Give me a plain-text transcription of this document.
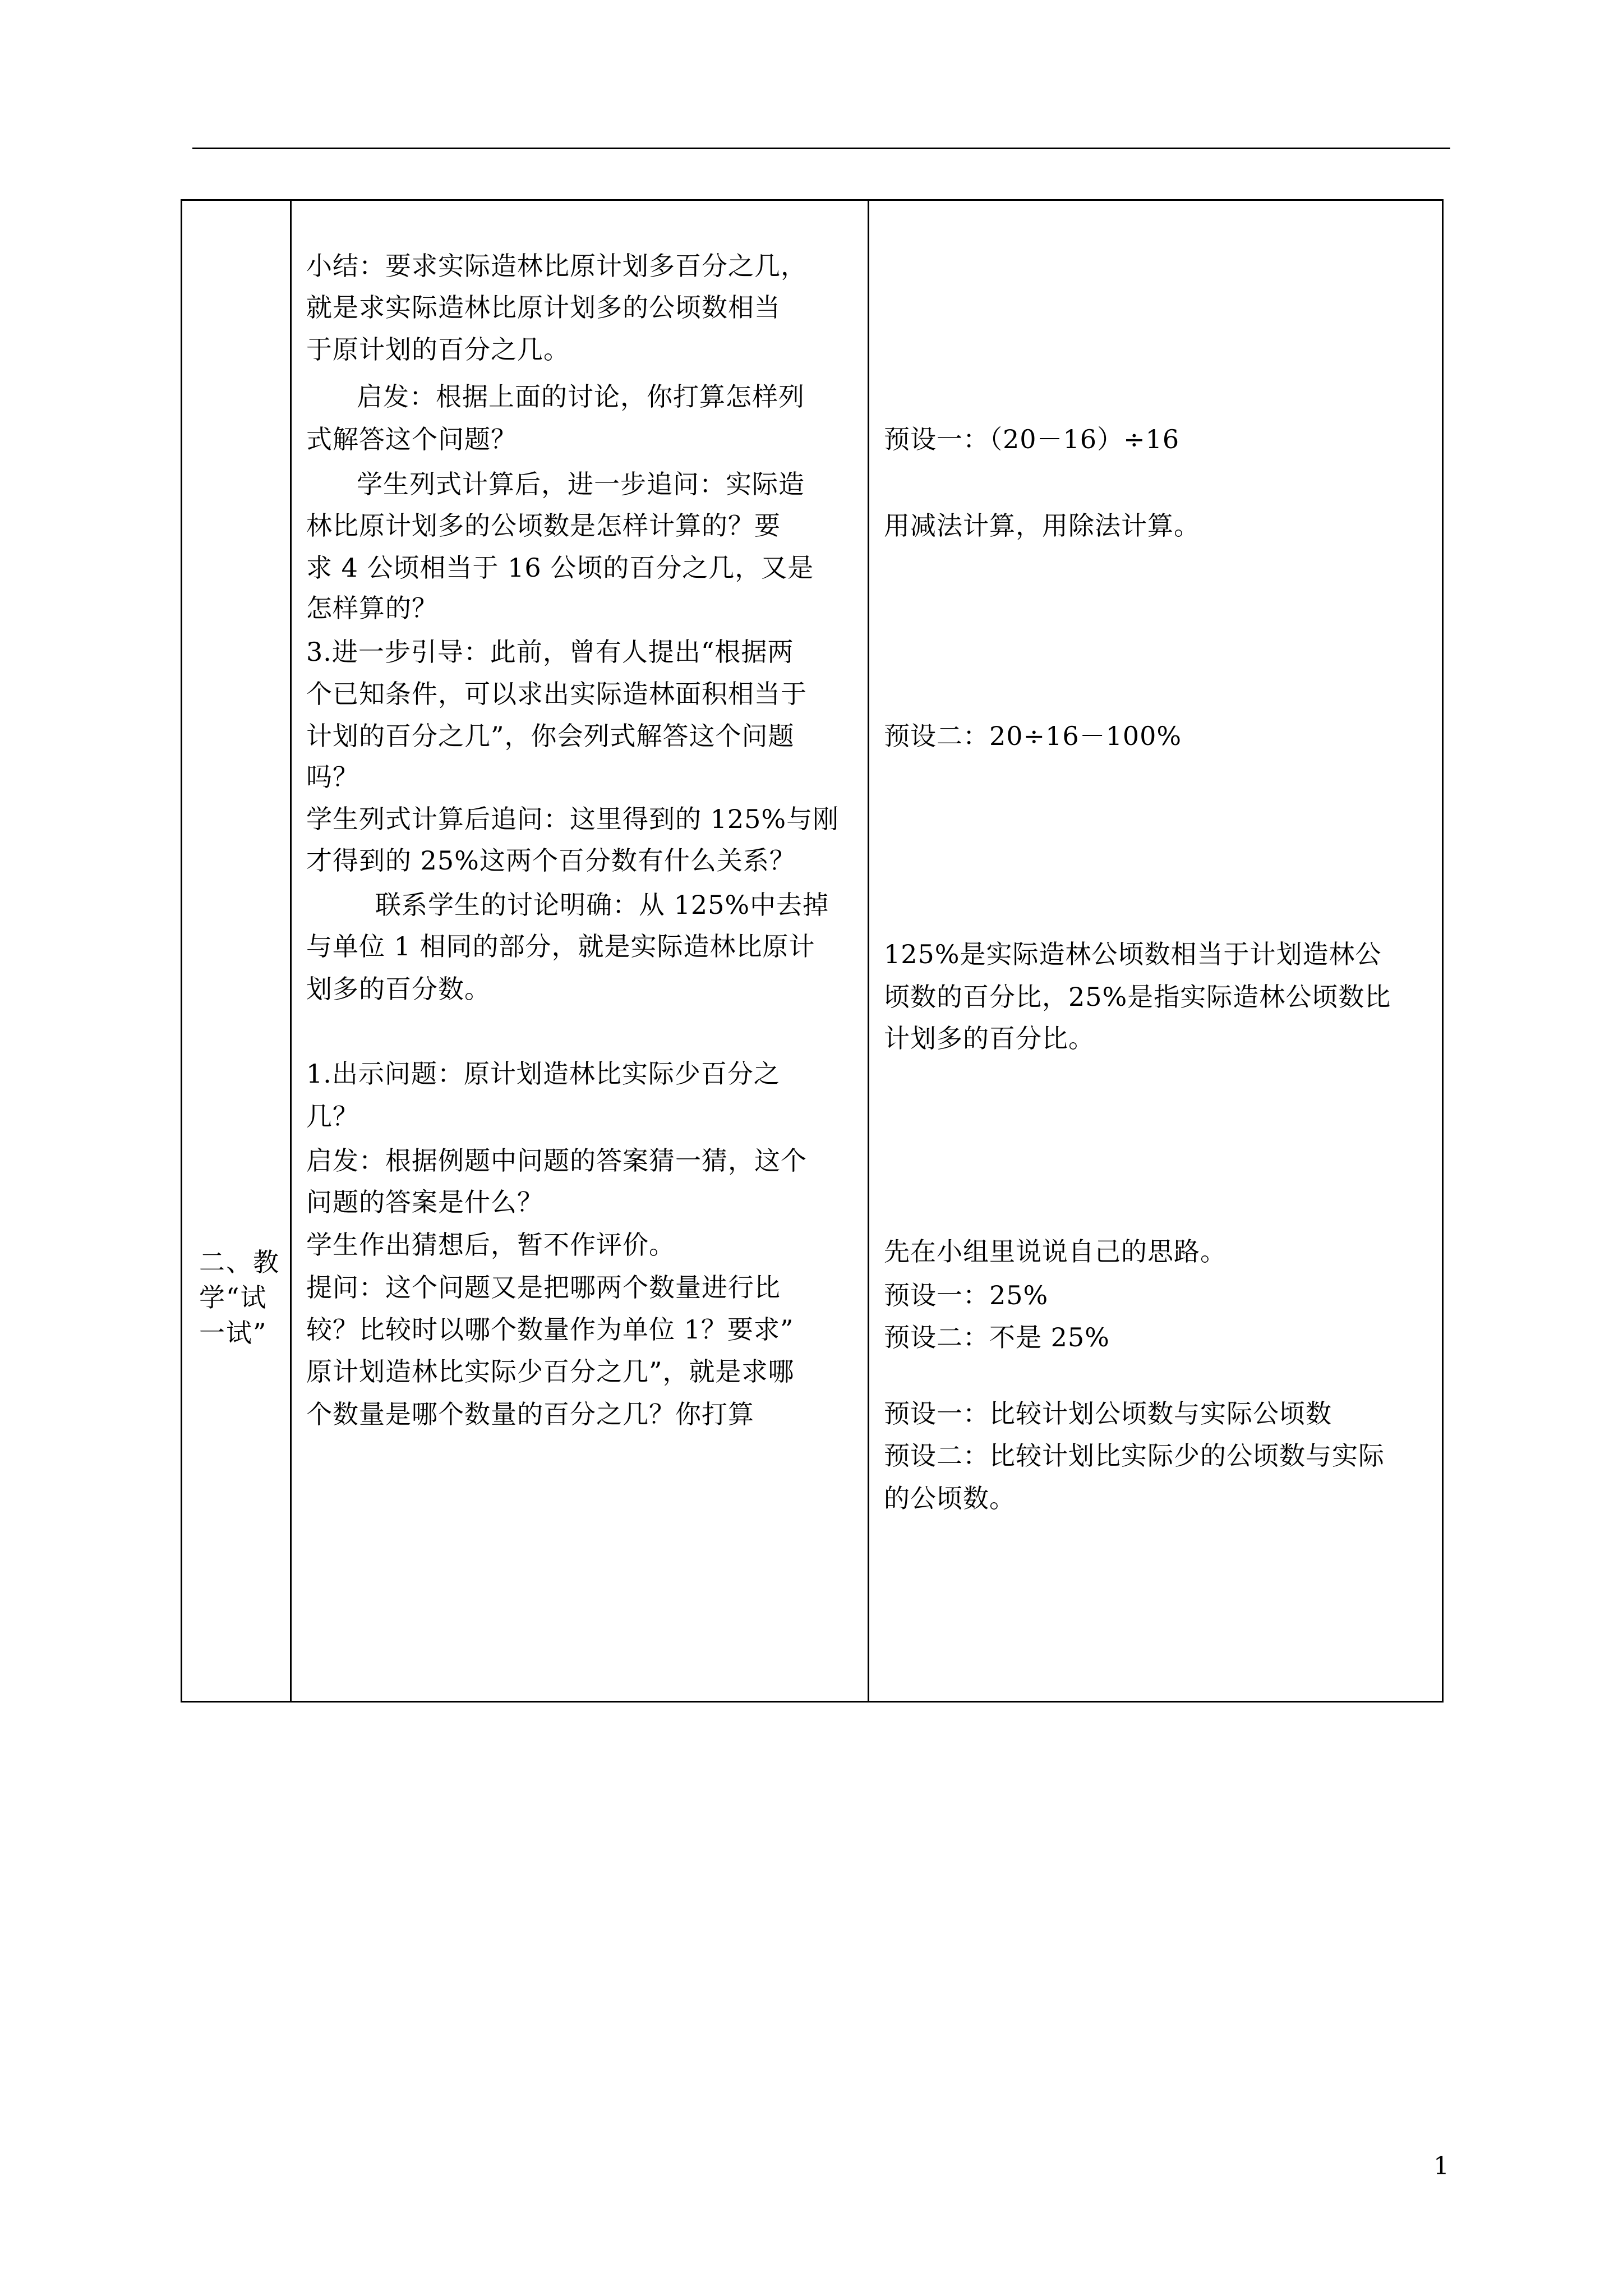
二、教
学“试
一试”
小结：要求实际造林比原计划多百分之几，
就是求实际造林比原计划多的公顷数相当
于原计划的百分之几。
启发：根据上面的讨论，你打算怎样列
式解答这个问题？
学生列式计算后，进一步追问：实际造
林比原计划多的公顷数是怎样计算的？要
求 4 公顷相当于 16 公顷的百分之几，又是
怎样算的？
3.进一步引导：此前，曾有人提出“根据两
个已知条件，可以求出实际造林面积相当于
计划的百分之几”，你会列式解答这个问题
吗？
学生列式计算后追问：这里得到的 125%与刚
才得到的 25%这两个百分数有什么关系？
联系学生的讨论明确：从 125%中去掉
与单位 1 相同的部分，就是实际造林比原计
划多的百分数。
1.出示问题：原计划造林比实际少百分之
几？
启发：根据例题中问题的答案猜一猜，这个
问题的答案是什么？
学生作出猜想后，暂不作评价。
提问：这个问题又是把哪两个数量进行比
较？比较时以哪个数量作为单位 1？要求”
原计划造林比实际少百分之几”，就是求哪
个数量是哪个数量的百分之几？你打算
预设一：（20－16）÷16
用减法计算，用除法计算。
预设二：20÷16－100%
125%是实际造林公顷数相当于计划造林公
顷数的百分比，25%是指实际造林公顷数比
计划多的百分比。
先在小组里说说自己的思路。
预设一：25%
预设二：不是 25%
预设一：比较计划公顷数与实际公顷数
预设二：比较计划比实际少的公顷数与实际
的公顷数。
1
